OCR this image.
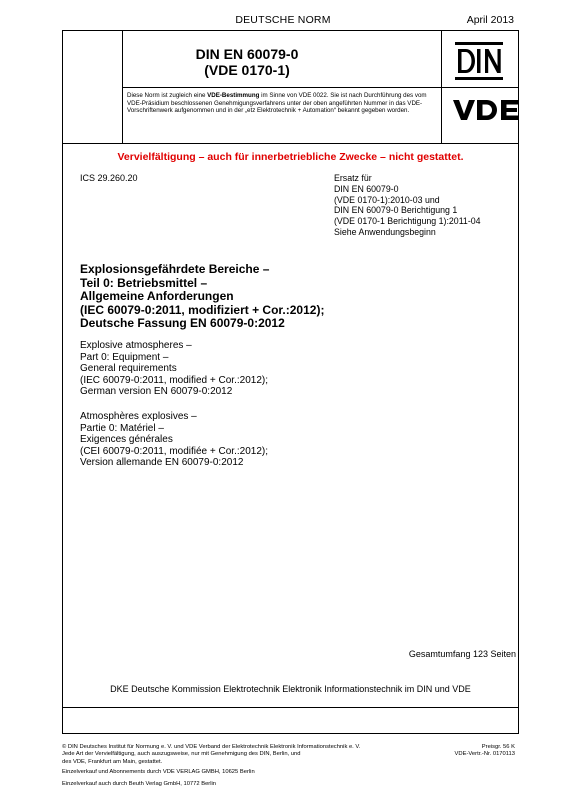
DEUTSCHE NORM	April 2013
DIN EN 60079-0
(VDE 0170-1)
Diese Norm ist zugleich eine VDE-Bestimmung im Sinne von VDE 0022. Sie ist nach Durchführung des vom VDE-Präsidium beschlossenen Genehmigungsverfahrens unter der oben angeführten Nummer in das VDE-Vorschriftenwerk aufgenommen und in der „etz Elektrotechnik + Automation“ bekannt gegeben worden.
Vervielfältigung – auch für innerbetriebliche Zwecke – nicht gestattet.
ICS 29.260.20	Ersatz für
DIN EN 60079-0
(VDE 0170-1):2010-03 und
DIN EN 60079-0 Berichtigung 1
(VDE 0170-1 Berichtigung 1):2011-04
Siehe Anwendungsbeginn
Explosionsgefährdete Bereiche –
Teil 0: Betriebsmittel –
Allgemeine Anforderungen
(IEC 60079-0:2011, modifiziert + Cor.:2012);
Deutsche Fassung EN 60079-0:2012
Explosive atmospheres –
Part 0: Equipment –
General requirements
(IEC 60079-0:2011, modified + Cor.:2012);
German version EN 60079-0:2012
Atmosphères explosives –
Partie 0: Matériel –
Exigences générales
(CEI 60079-0:2011, modifiée + Cor.:2012);
Version allemande EN 60079-0:2012
Gesamtumfang 123 Seiten
DKE Deutsche Kommission Elektrotechnik Elektronik Informationstechnik im DIN und VDE
© DIN Deutsches Institut für Normung e. V. und VDE Verband der Elektrotechnik Elektronik Informationstechnik e. V.
Jede Art der Vervielfältigung, auch auszugsweise, nur mit Genehmigung des DIN, Berlin, und
des VDE, Frankfurt am Main, gestattet.
Preisgr. 56 K
VDE-Vertr.-Nr. 0170113
Einzelverkauf und Abonnements durch VDE VERLAG GMBH, 10625 Berlin
Einzelverkauf auch durch Beuth Verlag GmbH, 10772 Berlin
